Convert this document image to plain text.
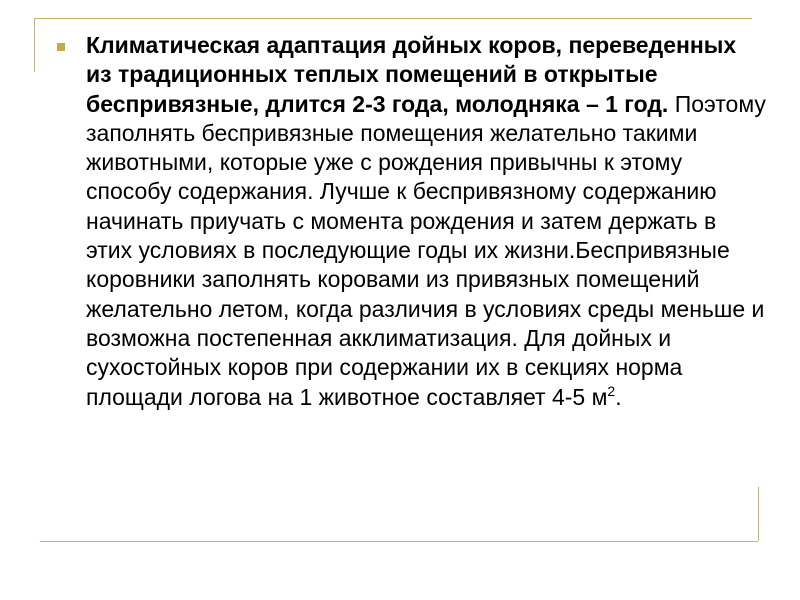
Климатическая адаптация дойных коров, переведенных из традиционных теплых помещений в открытые беспривязные, длится 2-3 года, молодняка – 1 год. Поэтому заполнять беспривязные помещения желательно такими животными, которые уже с рождения привычны к этому способу содержания. Лучше к беспривязному содержанию начинать приучать с момента рождения и затем держать в этих условиях в последующие годы их жизни.Беспривязные коровники заполнять коровами из привязных помещений желательно летом, когда различия в условиях среды меньше и возможна постепенная акклиматизация. Для дойных и сухостойных коров при содержании их в секциях норма площади логова на 1 животное составляет 4-5 $м^2$.
